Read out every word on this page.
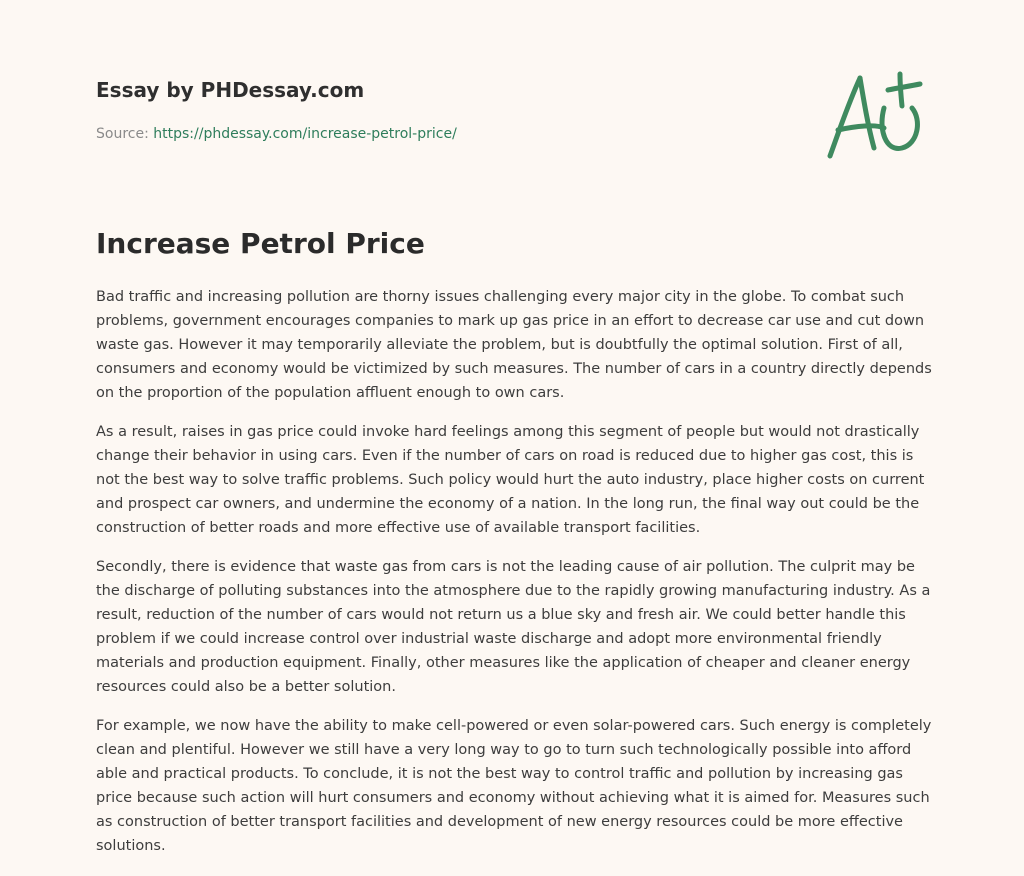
Essay by PHDessay.com
Source: https://phdessay.com/increase-petrol-price/
Increase Petrol Price

Bad traffic and increasing pollution are thorny issues challenging every major city in the globe. To combat such problems, government encourages companies to mark up gas price in an effort to decrease car use and cut down waste gas. However it may temporarily alleviate the problem, but is doubtfully the optimal solution. First of all, consumers and economy would be victimized by such measures. The number of cars in a country directly depends on the proportion of the population affluent enough to own cars.

As a result, raises in gas price could invoke hard feelings among this segment of people but would not drastically change their behavior in using cars. Even if the number of cars on road is reduced due to higher gas cost, this is not the best way to solve traffic problems. Such policy would hurt the auto industry, place higher costs on current and prospect car owners, and undermine the economy of a nation. In the long run, the final way out could be the construction of better roads and more effective use of available transport facilities.

Secondly, there is evidence that waste gas from cars is not the leading cause of air pollution. The culprit may be the discharge of polluting substances into the atmosphere due to the rapidly growing manufacturing industry. As a result, reduction of the number of cars would not return us a blue sky and fresh air. We could better handle this problem if we could increase control over industrial waste discharge and adopt more environmental friendly materials and production equipment. Finally, other measures like the application of cheaper and cleaner energy resources could also be a better solution.

For example, we now have the ability to make cell-powered or even solar-powered cars. Such energy is completely clean and plentiful. However we still have a very long way to go to turn such technologically possible into afford able and practical products. To conclude, it is not the best way to control traffic and pollution by increasing gas price because such action will hurt consumers and economy without achieving what it is aimed for. Measures such as construction of better transport facilities and development of new energy resources could be more effective solutions.
